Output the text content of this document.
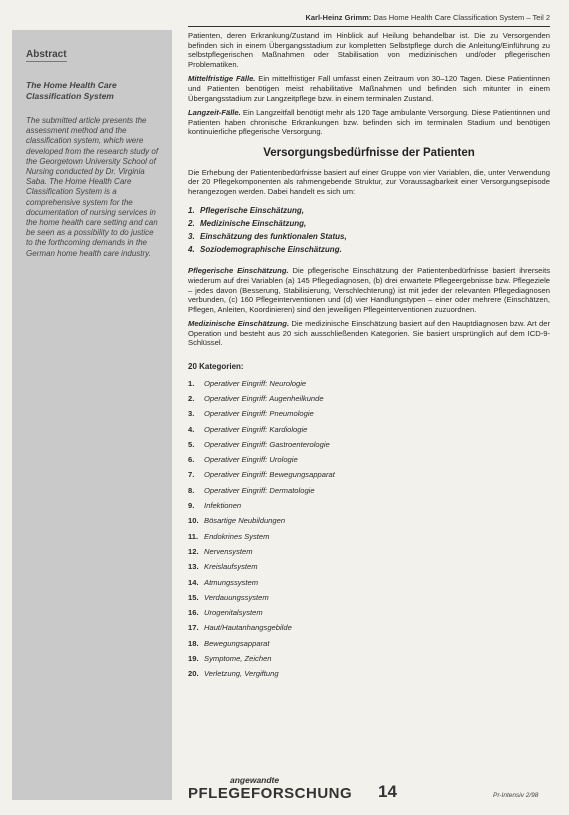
Karl-Heinz Grimm: Das Home Health Care Classification System – Teil 2
Abstract
The Home Health Care Classification System
The submitted article presents the assessment method and the classification system, which were developed from the research study of the Georgetown University School of Nursing conducted by Dr. Virginia Saba. The Home Health Care Classification System is a comprehensive system for the documentation of nursing services in the home health care setting and can be seen as a possibility to do justice to the forthcoming demands in the German home health care industry.

Patienten, deren Erkrankung/Zustand im Hinblick auf Heilung behandelbar ist. Die zu Versorgenden befinden sich in einem Übergangsstadium zur kompletten Selbstpflege durch die Anleitung/Einführung zu selbstpflegerischen Maßnahmen oder Stabilisation von medizinischen und/oder pflegerischen Problematiken.

Mittelfristige Fälle. Ein mittelfristiger Fall umfasst einen Zeitraum von 30–120 Tagen. Diese Patientinnen und Patienten benötigen meist rehabilitative Maßnahmen und befinden sich mitunter in einem Übergangsstadium zur Langzeitpflege bzw. in einem terminalen Zustand.

Langzeit-Fälle. Ein Langzeitfall benötigt mehr als 120 Tage ambulante Versorgung. Diese Patientinnen und Patienten haben chronische Erkrankungen bzw. befinden sich im terminalen Stadium und benötigen kontinuierliche pflegerische Versorgung.

Versorgungsbedürfnisse der Patienten

Die Erhebung der Patientenbedürfnisse basiert auf einer Gruppe von vier Variablen, die, unter Verwendung der 20 Pflegekomponenten als rahmengebende Struktur, zur Voraussagbarkeit einer Versorgungsepisode herangezogen werden. Dabei handelt es sich um:

1. Pflegerische Einschätzung,
2. Medizinische Einschätzung,
3. Einschätzung des funktionalen Status,
4. Soziodemographische Einschätzung.

Pflegerische Einschätzung. Die pflegerische Einschätzung der Patientenbedürfnisse basiert ihrerseits wiederum auf drei Variablen (a) 145 Pflegediagnosen, (b) drei erwartete Pflegeergebnisse bzw. Pflegeziele – jedes davon (Besserung, Stabilisierung, Verschlechterung) ist mit jeder der relevanten Pflegediagnosen verbunden, (c) 160 Pflegeinterventionen und (d) vier Handlungstypen – einer oder mehrere (Einschätzen, Pflegen, Anleiten, Koordinieren) sind den jeweiligen Pflegeinterventionen zuzuordnen.

Medizinische Einschätzung. Die medizinische Einschätzung basiert auf den Hauptdiagnosen bzw. Art der Operation und besteht aus 20 sich ausschließenden Kategorien. Sie basiert ursprünglich auf dem ICD-9-Schlüssel.

20 Kategorien:
1. Operativer Eingriff: Neurologie
2. Operativer Eingriff: Augenheilkunde
3. Operativer Eingriff: Pneumologie
4. Operativer Eingriff: Kardiologie
5. Operativer Eingriff: Gastroenterologie
6. Operativer Eingriff: Urologie
7. Operativer Eingriff: Bewegungsapparat
8. Operativer Eingriff: Dermatologie
9. Infektionen
10. Bösartige Neubildungen
11. Endokrines System
12. Nervensystem
13. Kreislaufsystem
14. Atmungssystem
15. Verdauungssystem
16. Urogenitalsystem
17. Haut/Hautanhangsgebilde
18. Bewegungsapparat
19. Symptome, Zeichen
20. Verletzung, Vergiftung
angewandte
PFLEGEFORSCHUNG 14	Pr-Intensiv 2/98
